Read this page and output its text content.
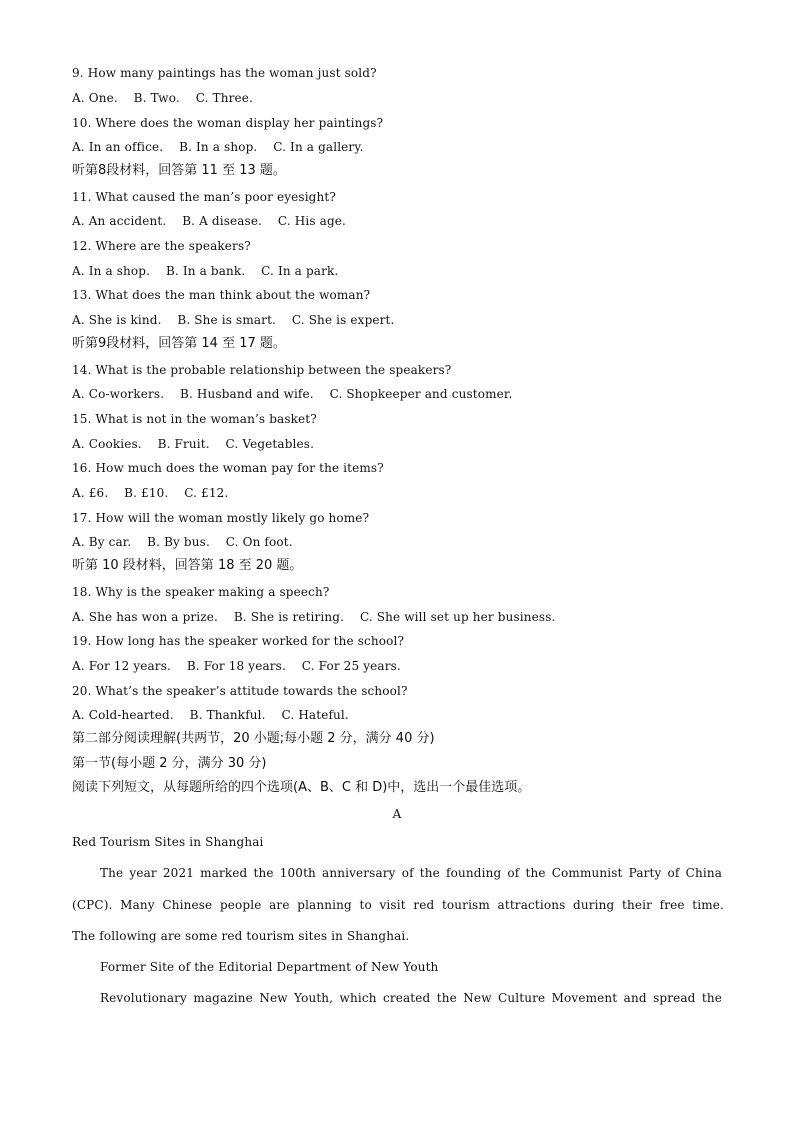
9. How many paintings has the woman just sold?
A. One.    B. Two.    C. Three.
10. Where does the woman display her paintings?
A. In an office.    B. In a shop.    C. In a gallery.
听第8段材料，回答第 11 至 13 题。
11. What caused the man’s poor eyesight?
A. An accident.    B. A disease.    C. His age.
12. Where are the speakers?
A. In a shop.    B. In a bank.    C. In a park.
13. What does the man think about the woman?
A. She is kind.    B. She is smart.    C. She is expert.
听第9段材料，回答第 14 至 17 题。
14. What is the probable relationship between the speakers?
A. Co-workers.    B. Husband and wife.    C. Shopkeeper and customer.
15. What is not in the woman’s basket?
A. Cookies.    B. Fruit.    C. Vegetables.
16. How much does the woman pay for the items?
A. £6.    B. £10.    C. £12.
17. How will the woman mostly likely go home?
A. By car.    B. By bus.    C. On foot.
听第 10 段材料，回答第 18 至 20 题。
18. Why is the speaker making a speech?
A. She has won a prize.    B. She is retiring.    C. She will set up her business.
19. How long has the speaker worked for the school?
A. For 12 years.    B. For 18 years.    C. For 25 years.
20. What’s the speaker’s attitude towards the school?
A. Cold-hearted.    B. Thankful.    C. Hateful.
第二部分阅读理解(共两节，20 小题;每小题 2 分，满分 40 分)
第一节(每小题 2 分，满分 30 分)
阅读下列短文，从每题所给的四个选项(A、B、C 和 D)中，选出一个最佳选项。
A
Red Tourism Sites in Shanghai
The year 2021 marked the 100th anniversary of the founding of the Communist Party of China
(CPC). Many Chinese people are planning to visit red tourism attractions during their free time.
The following are some red tourism sites in Shanghai.
Former Site of the Editorial Department of New Youth
Revolutionary magazine New Youth, which created the New Culture Movement and spread the
